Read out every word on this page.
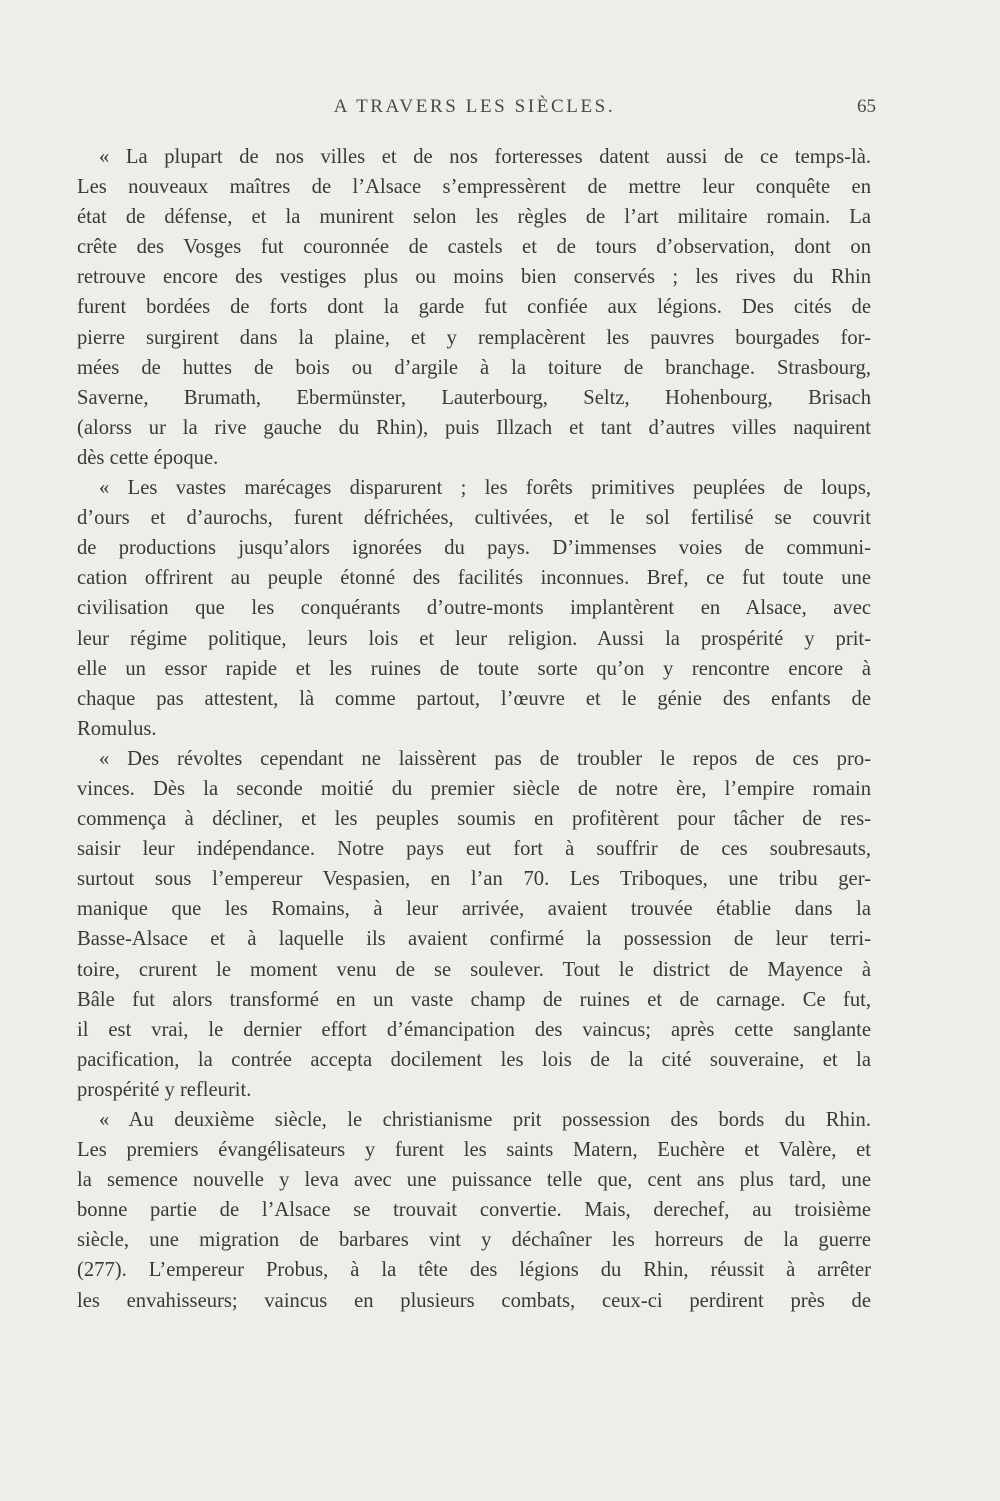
A TRAVERS LES SIÈCLES.	65

« La plupart de nos villes et de nos forteresses datent aussi de ce temps-là.
Les nouveaux maîtres de l’Alsace s’empressèrent de mettre leur conquête en
état de défense, et la munirent selon les règles de l’art militaire romain. La
crête des Vosges fut couronnée de castels et de tours d’observation, dont on
retrouve encore des vestiges plus ou moins bien conservés ; les rives du Rhin
furent bordées de forts dont la garde fut confiée aux légions. Des cités de
pierre surgirent dans la plaine, et y remplacèrent les pauvres bourgades for-
mées de huttes de bois ou d’argile à la toiture de branchage. Strasbourg,
Saverne, Brumath, Ebermünster, Lauterbourg, Seltz, Hohenbourg, Brisach
(alorss ur la rive gauche du Rhin), puis Illzach et tant d’autres villes naquirent
dès cette époque.

« Les vastes marécages disparurent ; les forêts primitives peuplées de loups,
d’ours et d’aurochs, furent défrichées, cultivées, et le sol fertilisé se couvrit
de productions jusqu’alors ignorées du pays. D’immenses voies de communi-
cation offrirent au peuple étonné des facilités inconnues. Bref, ce fut toute une
civilisation que les conquérants d’outre-monts implantèrent en Alsace, avec
leur régime politique, leurs lois et leur religion. Aussi la prospérité y prit-
elle un essor rapide et les ruines de toute sorte qu’on y rencontre encore à
chaque pas attestent, là comme partout, l’œuvre et le génie des enfants de
Romulus.

« Des révoltes cependant ne laissèrent pas de troubler le repos de ces pro-
vinces. Dès la seconde moitié du premier siècle de notre ère, l’empire romain
commença à décliner, et les peuples soumis en profitèrent pour tâcher de res-
saisir leur indépendance. Notre pays eut fort à souffrir de ces soubresauts,
surtout sous l’empereur Vespasien, en l’an 70. Les Triboques, une tribu ger-
manique que les Romains, à leur arrivée, avaient trouvée établie dans la
Basse-Alsace et à laquelle ils avaient confirmé la possession de leur terri-
toire, crurent le moment venu de se soulever. Tout le district de Mayence à
Bâle fut alors transformé en un vaste champ de ruines et de carnage. Ce fut,
il est vrai, le dernier effort d’émancipation des vaincus; après cette sanglante
pacification, la contrée accepta docilement les lois de la cité souveraine, et la
prospérité y refleurit.

« Au deuxième siècle, le christianisme prit possession des bords du Rhin.
Les premiers évangélisateurs y furent les saints Matern, Euchère et Valère, et
la semence nouvelle y leva avec une puissance telle que, cent ans plus tard, une
bonne partie de l’Alsace se trouvait convertie. Mais, derechef, au troisième
siècle, une migration de barbares vint y déchaîner les horreurs de la guerre
(277). L’empereur Probus, à la tête des légions du Rhin, réussit à arrêter
les envahisseurs; vaincus en plusieurs combats, ceux-ci perdirent près de
